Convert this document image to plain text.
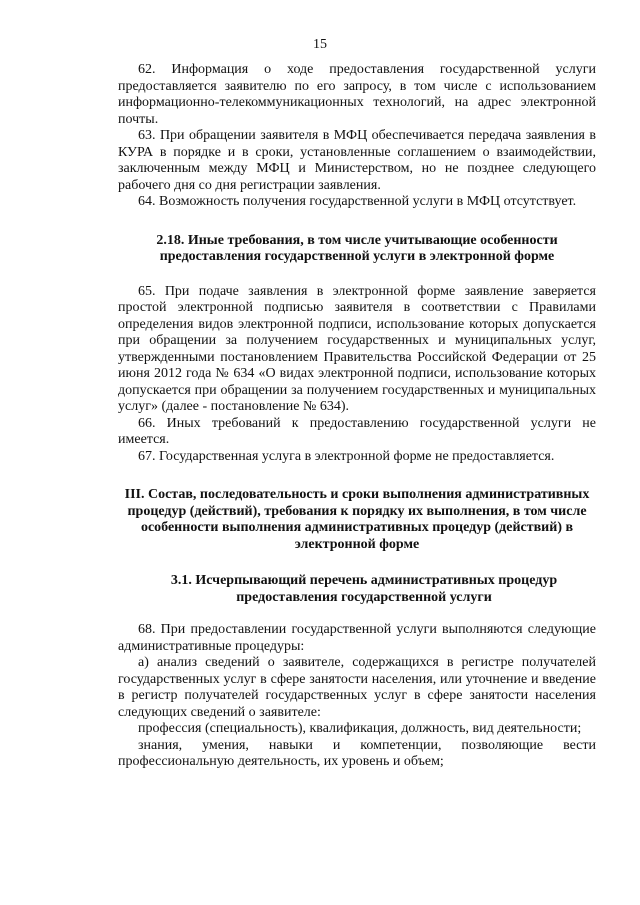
15

62. Информация о ходе предоставления государственной услуги предоставляется заявителю по его запросу, в том числе с использованием информационно-телекоммуникационных технологий, на адрес электронной почты.

63. При обращении заявителя в МФЦ обеспечивается передача заявления в КУРА в порядке и в сроки, установленные соглашением о взаимодействии, заключенным между МФЦ и Министерством, но не позднее следующего рабочего дня со дня регистрации заявления.

64. Возможность получения государственной услуги в МФЦ отсутствует.

2.18. Иные требования, в том числе учитывающие особенности предоставления государственной услуги в электронной форме

65. При подаче заявления в электронной форме заявление заверяется простой электронной подписью заявителя в соответствии с Правилами определения видов электронной подписи, использование которых допускается при обращении за получением государственных и муниципальных услуг, утвержденными постановлением Правительства Российской Федерации от 25 июня 2012 года № 634 «О видах электронной подписи, использование которых допускается при обращении за получением государственных и муниципальных услуг» (далее - постановление № 634).

66. Иных требований к предоставлению государственной услуги не имеется.

67. Государственная услуга в электронной форме не предоставляется.

III. Состав, последовательность и сроки выполнения административных процедур (действий), требования к порядку их выполнения, в том числе особенности выполнения административных процедур (действий) в электронной форме
3.1. Исчерпывающий перечень административных процедур предоставления государственной услуги

68. При предоставлении государственной услуги выполняются следующие административные процедуры:

а) анализ сведений о заявителе, содержащихся в регистре получателей государственных услуг в сфере занятости населения, или уточнение и введение в регистр получателей государственных услуг в сфере занятости населения следующих сведений о заявителе:

профессия (специальность), квалификация, должность, вид деятельности;

знания, умения, навыки и компетенции, позволяющие вести профессиональную деятельность, их уровень и объем;
